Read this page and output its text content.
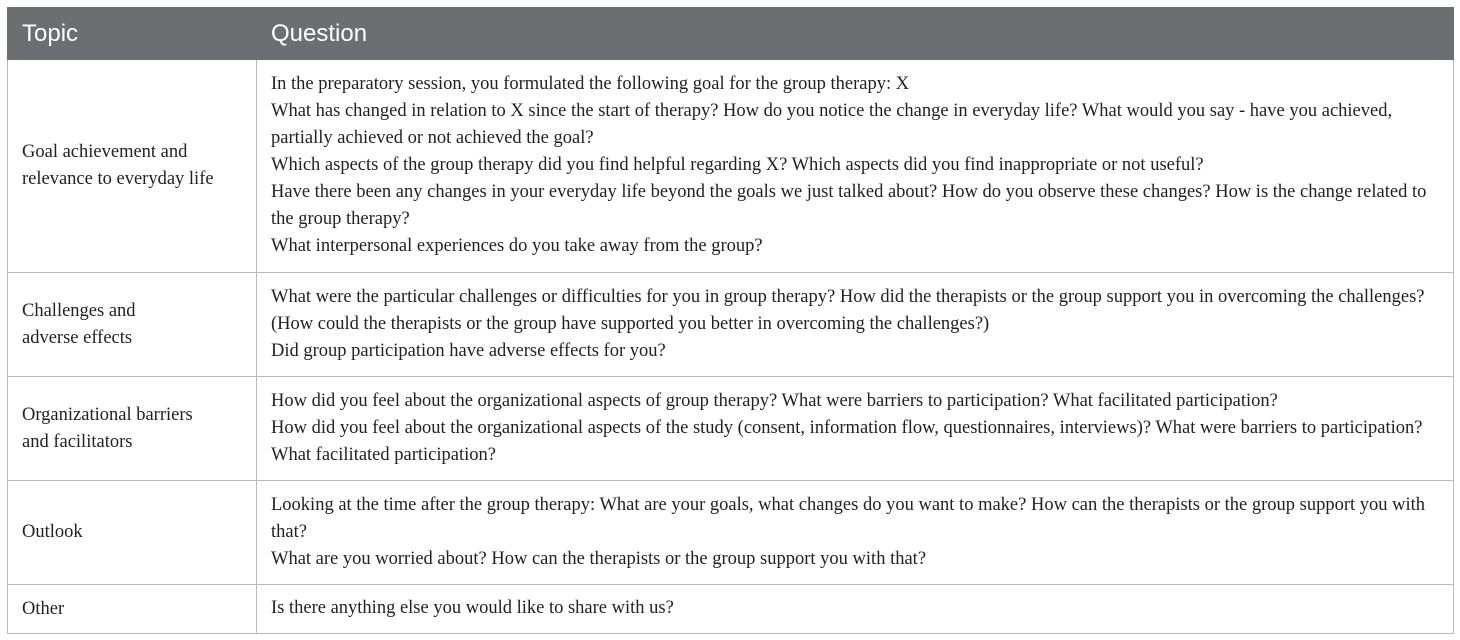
Topic	Question

Goal achievement and
relevance to everyday life	In the preparatory session, you formulated the following goal for the group therapy: X
What has changed in relation to X since the start of therapy? How do you notice the change in everyday life? What would you say - have you achieved, partially achieved or not achieved the goal?
Which aspects of the group therapy did you find helpful regarding X? Which aspects did you find inappropriate or not useful?
Have there been any changes in your everyday life beyond the goals we just talked about? How do you observe these changes? How is the change related to the group therapy?
What interpersonal experiences do you take away from the group?

Challenges and
adverse effects	What were the particular challenges or difficulties for you in group therapy? How did the therapists or the group support you in overcoming the challenges? (How could the therapists or the group have supported you better in overcoming the challenges?)
Did group participation have adverse effects for you?

Organizational barriers
and facilitators	How did you feel about the organizational aspects of group therapy? What were barriers to participation? What facilitated participation?
How did you feel about the organizational aspects of the study (consent, information flow, questionnaires, interviews)? What were barriers to participation? What facilitated participation?

Outlook	Looking at the time after the group therapy: What are your goals, what changes do you want to make? How can the therapists or the group support you with that?
What are you worried about? How can the therapists or the group support you with that?

Other	Is there anything else you would like to share with us?
